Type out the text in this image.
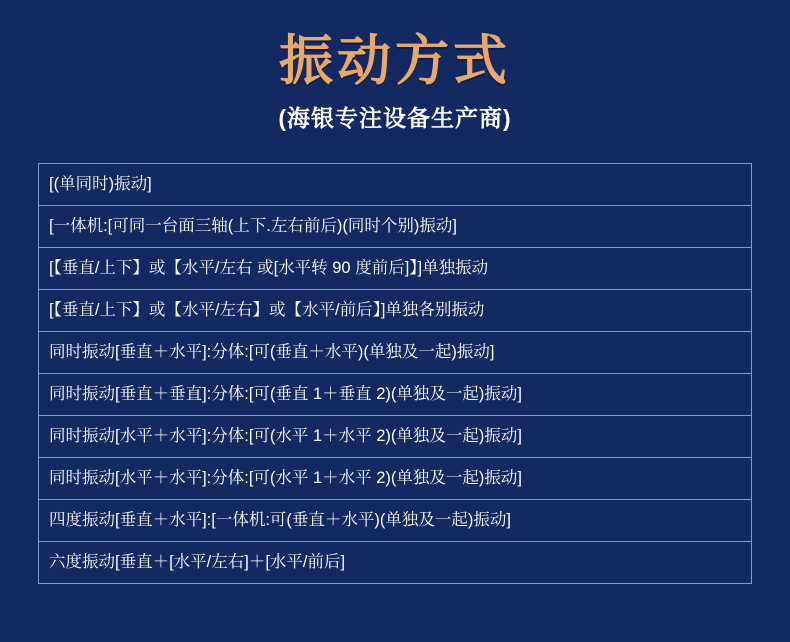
振动方式
(海银专注设备生产商)
[(单同时)振动]
[一体机:[可同一台面三轴(上下.左右前后)(同时个别)振动]
[【垂直/上下】或【水平/左右 或[水平转 90 度前后]】]单独振动
[【垂直/上下】或【水平/左右】或【水平/前后】]单独各别振动
同时振动[垂直＋水平]:分体:[可(垂直＋水平)(单独及一起)振动]
同时振动[垂直＋垂直]:分体:[可(垂直 1＋垂直 2)(单独及一起)振动]
同时振动[水平＋水平]:分体:[可(水平 1＋水平 2)(单独及一起)振动]
同时振动[水平＋水平]:分体:[可(水平 1＋水平 2)(单独及一起)振动]
四度振动[垂直＋水平]:[一体机:可(垂直＋水平)(单独及一起)振动]
六度振动[垂直＋[水平/左右]＋[水平/前后]
